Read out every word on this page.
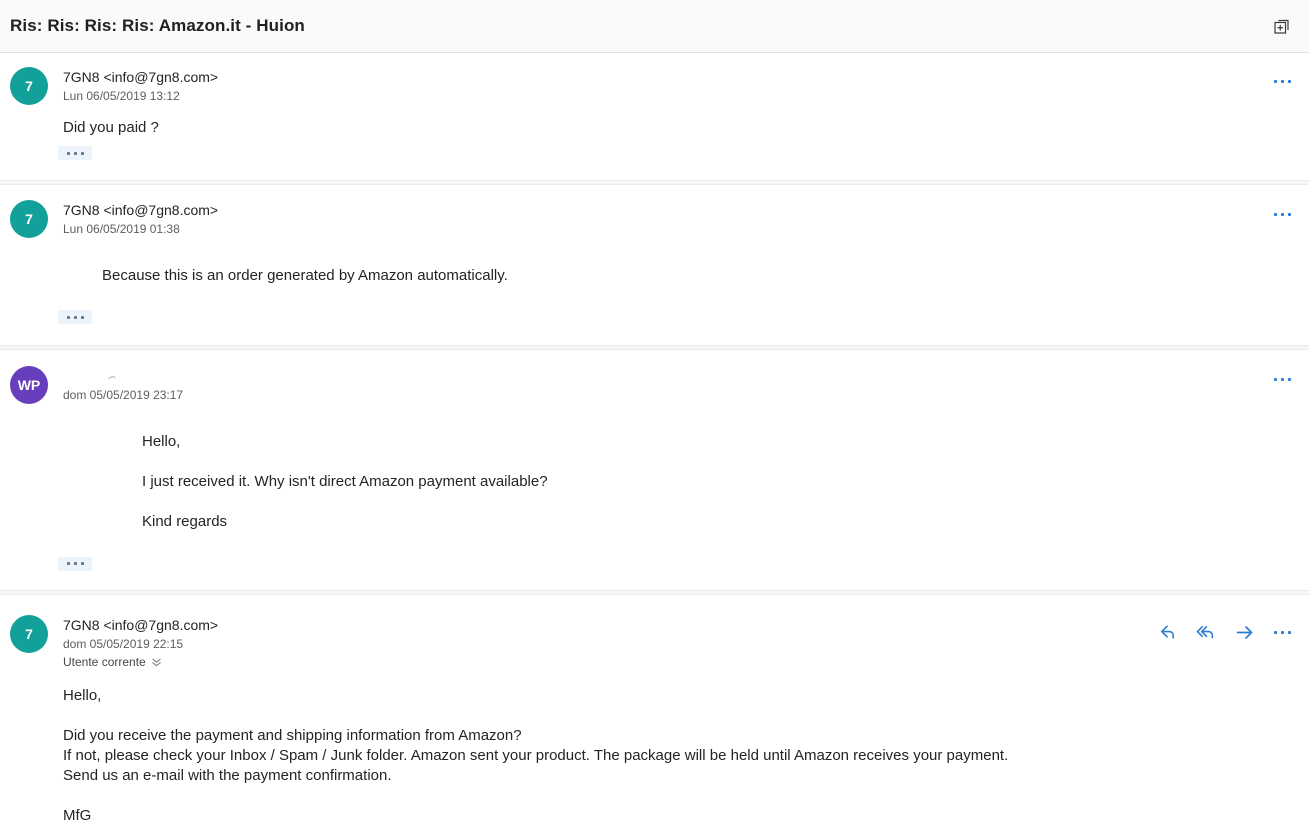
Ris: Ris: Ris: Ris: Amazon.it - Huion
7
7GN8 <info@7gn8.com>
Lun 06/05/2019 13:12
Did you paid ?
7
7GN8 <info@7gn8.com>
Lun 06/05/2019 01:38
Because this is an order generated by Amazon automatically.
WP
dom 05/05/2019 23:17
Hello,
I just received it. Why isn't direct Amazon payment available?
Kind regards
7
7GN8 <info@7gn8.com>
dom 05/05/2019 22:15
Utente corrente
Hello,
Did you receive the payment and shipping information from Amazon?
If not, please check your Inbox / Spam / Junk folder. Amazon sent your product. The package will be held until Amazon receives your payment.
Send us an e-mail with the payment confirmation.
MfG
